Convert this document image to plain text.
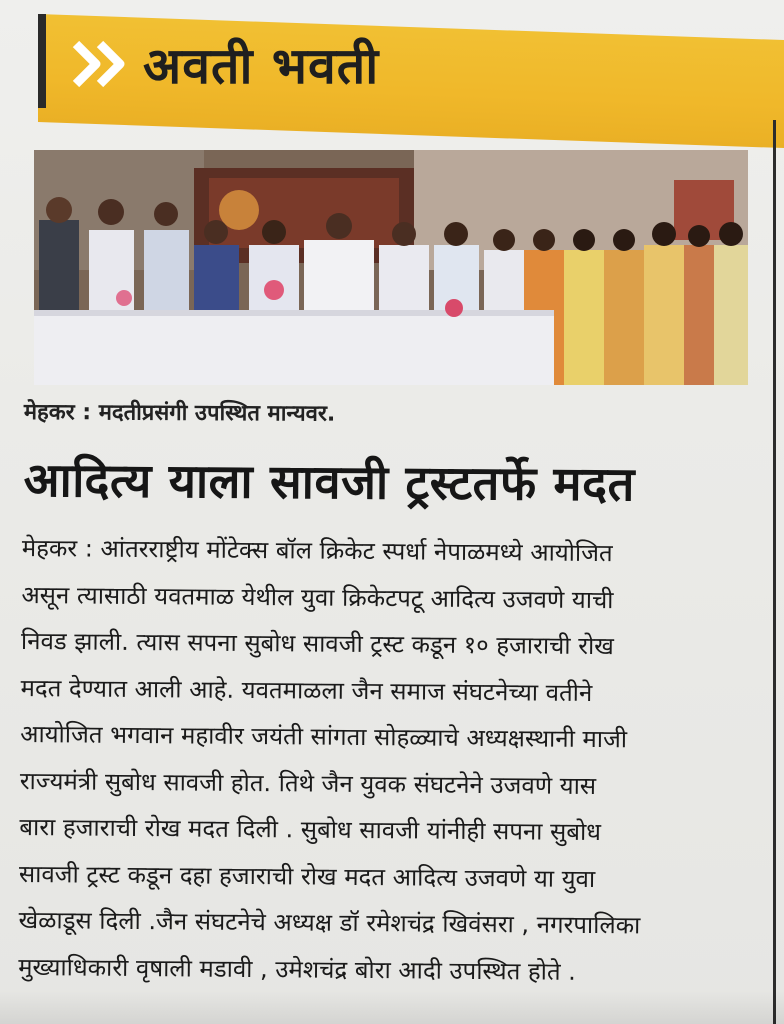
अवती भवती
मेहकर : मदतीप्रसंगी उपस्थित मान्यवर.
आदित्य याला सावजी ट्रस्टतर्फे मदत
मेहकर : आंतरराष्ट्रीय मोंटेक्स बॉल क्रिकेट स्पर्धा नेपाळमध्ये आयोजित
असून त्यासाठी यवतमाळ येथील युवा क्रिकेटपटू आदित्य उजवणे याची
निवड झाली. त्यास सपना सुबोध सावजी ट्रस्ट कडून १० हजाराची रोख
मदत देण्यात आली आहे. यवतमाळला जैन समाज संघटनेच्या वतीने
आयोजित भगवान महावीर जयंती सांगता सोहळ्याचे अध्यक्षस्थानी माजी
राज्यमंत्री सुबोध सावजी होत. तिथे जैन युवक संघटनेने उजवणे यास
बारा हजाराची रोख मदत दिली . सुबोध सावजी यांनीही सपना सुबोध
सावजी ट्रस्ट कडून दहा हजाराची रोख मदत आदित्य उजवणे या युवा
खेळाडूस दिली .जैन संघटनेचे अध्यक्ष डॉ रमेशचंद्र खिवंसरा , नगरपालिका
मुख्याधिकारी वृषाली मडावी , उमेशचंद्र बोरा आदी उपस्थित होते .
